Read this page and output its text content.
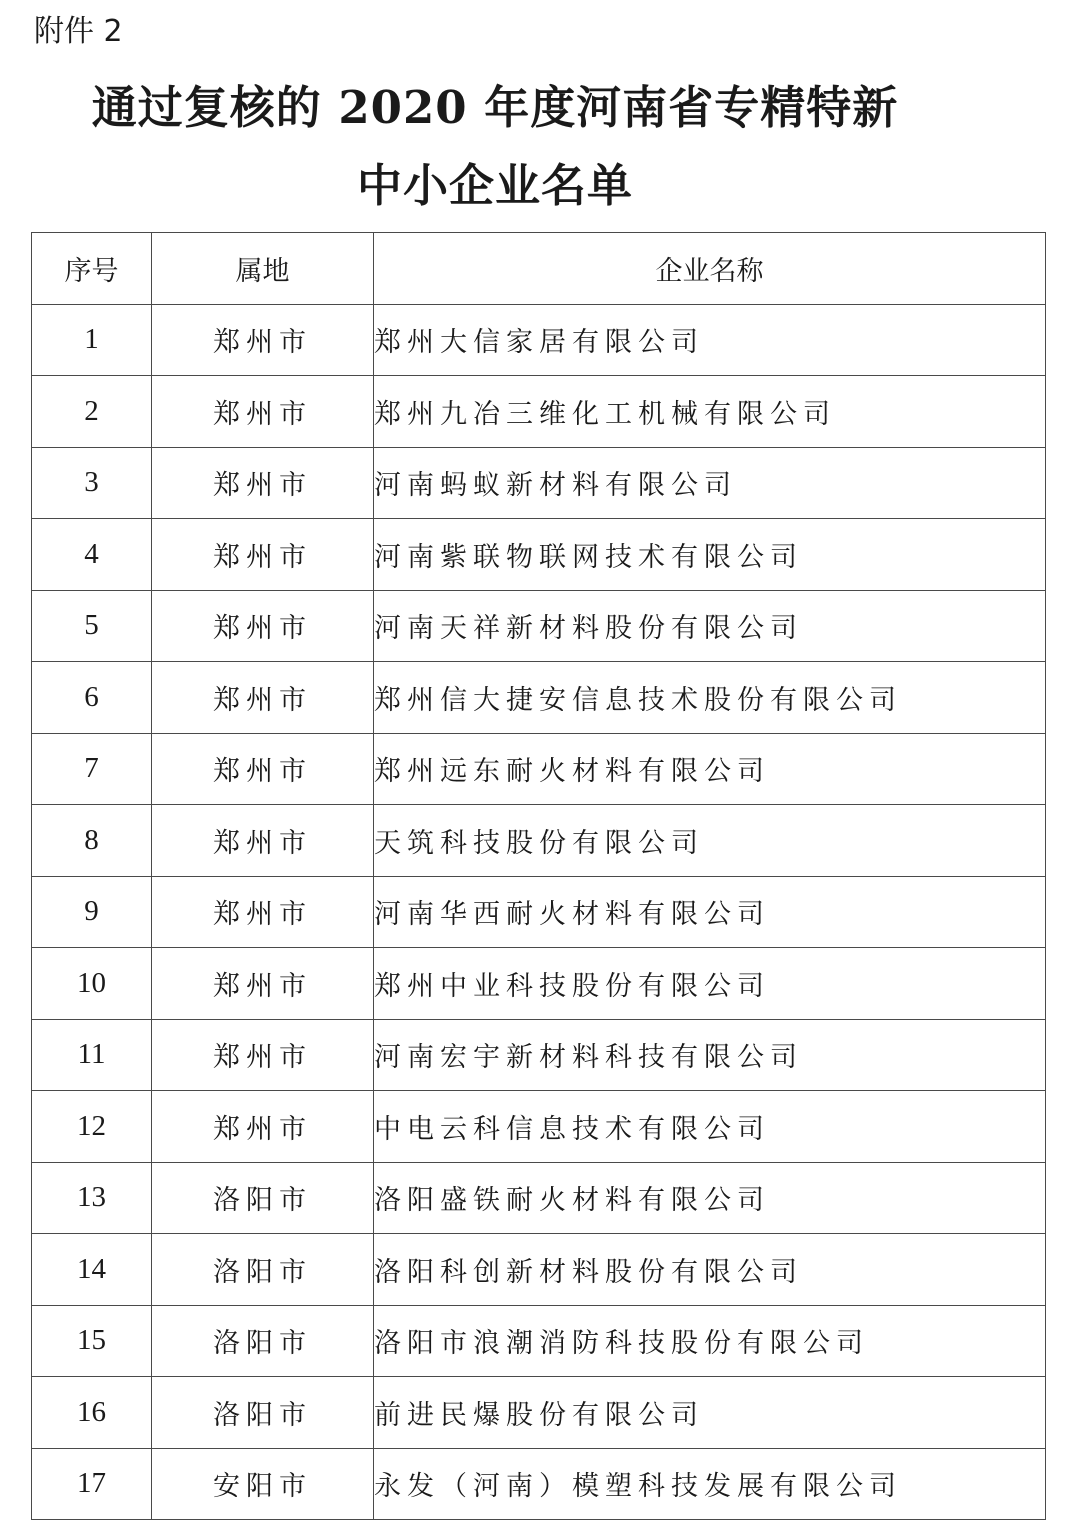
附件 2
通过复核的 2020 年度河南省专精特新
中小企业名单
序号	属地	企业名称
1	郑州市	郑州大信家居有限公司
2	郑州市	郑州九冶三维化工机械有限公司
3	郑州市	河南蚂蚁新材料有限公司
4	郑州市	河南紫联物联网技术有限公司
5	郑州市	河南天祥新材料股份有限公司
6	郑州市	郑州信大捷安信息技术股份有限公司
7	郑州市	郑州远东耐火材料有限公司
8	郑州市	天筑科技股份有限公司
9	郑州市	河南华西耐火材料有限公司
10	郑州市	郑州中业科技股份有限公司
11	郑州市	河南宏宇新材料科技有限公司
12	郑州市	中电云科信息技术有限公司
13	洛阳市	洛阳盛铁耐火材料有限公司
14	洛阳市	洛阳科创新材料股份有限公司
15	洛阳市	洛阳市浪潮消防科技股份有限公司
16	洛阳市	前进民爆股份有限公司
17	安阳市	永发（河南）模塑科技发展有限公司
